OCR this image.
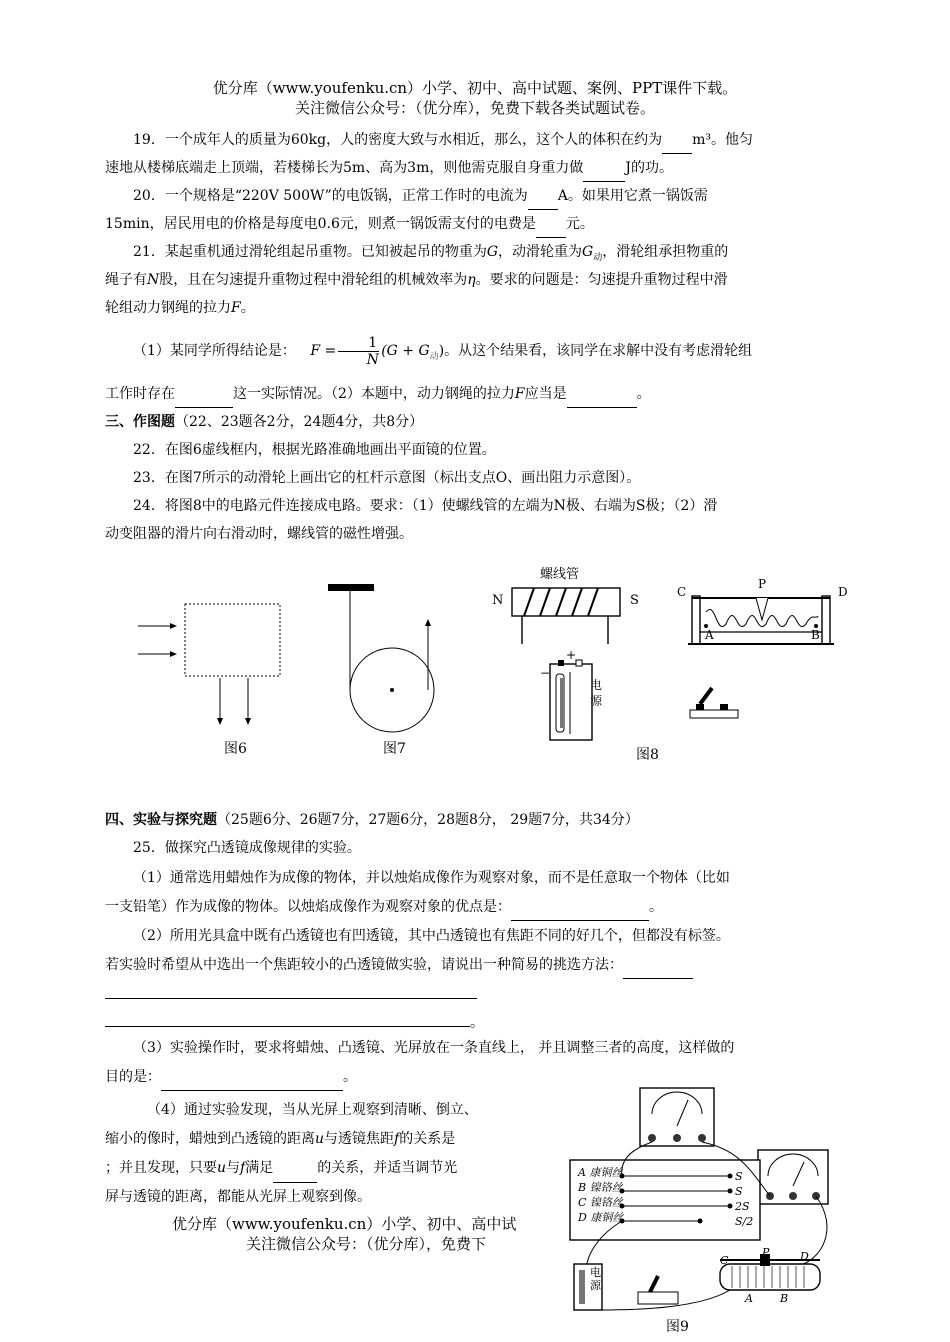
优分库（www.youfenku.cn）小学、初中、高中试题、案例、PPT课件下载。
关注微信公众号：（优分库），免费下载各类试题试卷。
19．一个成年人的质量为60kg，人的密度大致与水相近，那么，这个人的体积在约为 m³。他匀
速地从楼梯底端走上顶端，若楼梯长为5m、高为3m，则他需克服自身重力做	J的功。
20．一个规格是“220V 500W”的电饭锅，正常工作时的电流为 A。如果用它煮一锅饭需
15min，居民用电的价格是每度电0.6元，则煮一锅饭需支付的电费是 元。
21．某起重机通过滑轮组起吊重物。已知被起吊的物重为G，动滑轮重为$G_动$，滑轮组承担物重的
绳子有N股，且在匀速提升重物过程中滑轮组的机械效率为η。要求的问题是：匀速提升重物过程中滑
轮组动力钢绳的拉力F。
（1）某同学所得结论是： $F = \frac{1}{N} (G + G_动)$。从这个结果看，该同学在求解中没有考虑滑轮组
工作时存在	这一实际情况。（2）本题中，动力钢绳的拉力F应当是	。
三、作图题（22、23题各2分，24题4分，共8分）
22．在图6虚线框内，根据光路准确地画出平面镜的位置。
23．在图7所示的动滑轮上画出它的杠杆示意图（标出支点O、画出阻力示意图）。
24．将图8中的电路元件连接成电路。要求：（1）使螺线管的左端为N极、右端为S极；（2）滑
动变阻器的滑片向右滑动时，螺线管的磁性增强。
图6	图7
螺线管
N	S
+
−
电
源
C
P
D
A	B
图8
四、实验与探究题（25题6分、26题7分，27题6分，28题8分， 29题7分，共34分）
25．做探究凸透镜成像规律的实验。
（1）通常选用蜡烛作为成像的物体，并以烛焰成像作为观察对象，而不是任意取一个物体（比如
一支铅笔）作为成像的物体。以烛焰成像作为观察对象的优点是：	。
（2）所用光具盒中既有凸透镜也有凹透镜，其中凸透镜也有焦距不同的好几个，但都没有标签。
若实验时希望从中选出一个焦距较小的凸透镜做实验，请说出一种简易的挑选方法：
。
（3）实验操作时，要求将蜡烛、凸透镜、光屏放在一条直线上， 并且调整三者的高度，这样做的
目的是：	。
（4）通过实验发现，当从光屏上观察到清晰、倒立、
缩小的像时，蜡烛到凸透镜的距离u与透镜焦距f的关系是
；并且发现，只要u与f满足	的关系，并适当调节光
屏与透镜的距离，都能从光屏上观察到像。
A 康铜丝
B 镍铬丝
C 镍铬丝
D 康铜丝
S
S
2S
S/2
电
源
C
P	D
A B
图9
优分库（www.youfenku.cn）小学、初中、高中试
关注微信公众号：（优分库），免费下
